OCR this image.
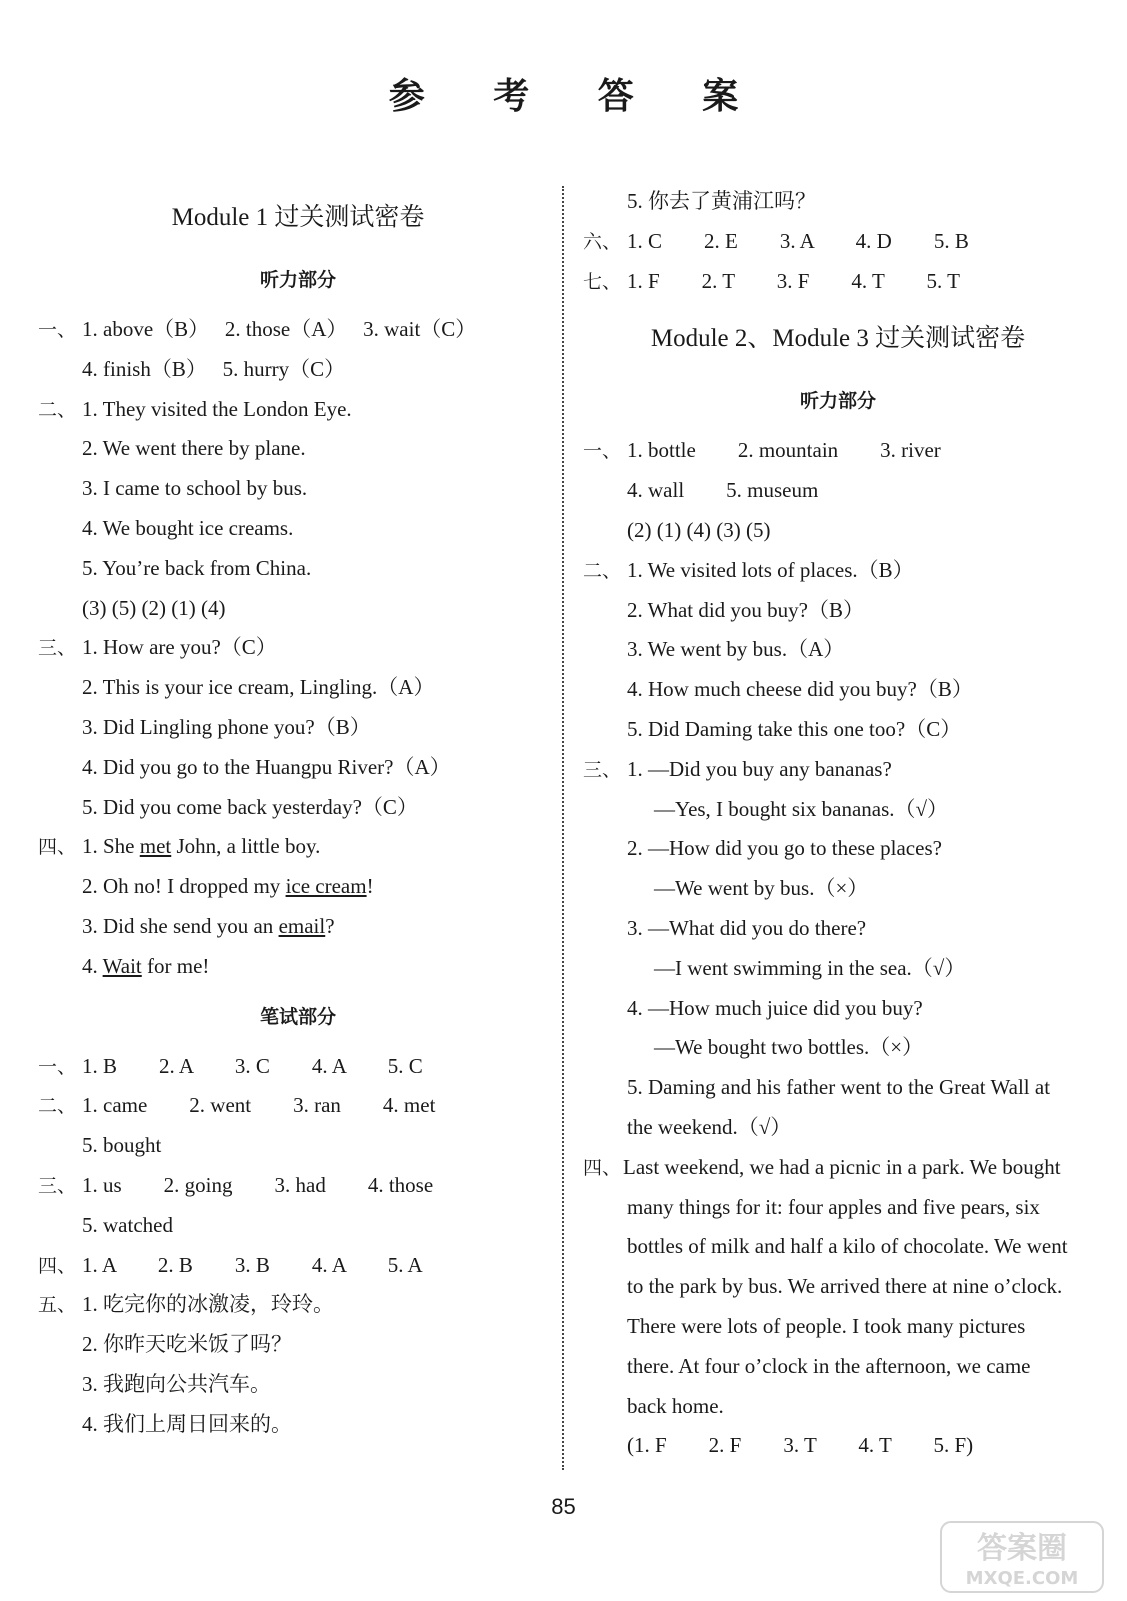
参 考 答 案
Module 1 过关测试密卷
听力部分
一、 1. above（B）　 2. those（A）　 3. wait（C）
4. finish（B）　 5. hurry（C）
二、 1. They visited the London Eye.
2. We went there by plane.
3. I came to school by bus.
4. We bought ice creams.
5. You’re back from China.
(3) (5) (2) (1) (4)
三、 1. How are you?（C）
2. This is your ice cream, Lingling.（A）
3. Did Lingling phone you?（B）
4. Did you go to the Huangpu River?（A）
5. Did you come back yesterday?（C）
四、 1. She met John, a little boy.
2. Oh no! I dropped my ice cream!
3. Did she send you an email?
4. Wait for me!
笔试部分
一、 1. B　　2. A　　3. C　　4. A　　5. C
二、 1. came　　2. went　　3. ran　　4. met
5. bought
三、 1. us　　2. going　　3. had　　4. those
5. watched
四、 1. A　　2. B　　3. B　　4. A　　5. A
五、 1. 吃完你的冰激凌，玲玲。
2. 你昨天吃米饭了吗？
3. 我跑向公共汽车。
4. 我们上周日回来的。
5. 你去了黄浦江吗？
六、 1. C　　2. E　　3. A　　4. D　　5. B
七、 1. F　　2. T　　3. F　　4. T　　5. T
Module 2、Module 3 过关测试密卷
听力部分
一、 1. bottle　　2. mountain　　3. river
4. wall　　5. museum
(2) (1) (4) (3) (5)
二、 1. We visited lots of places.（B）
2. What did you buy?（B）
3. We went by bus.（A）
4. How much cheese did you buy?（B）
5. Did Daming take this one too?（C）
三、 1. —Did you buy any bananas?
—Yes, I bought six bananas.（√）
2. —How did you go to these places?
—We went by bus.（×）
3. —What did you do there?
—I went swimming in the sea.（√）
4. —How much juice did you buy?
—We bought two bottles.（×）
5. Daming and his father went to the Great Wall at
the weekend.（√）
四、Last weekend, we had a picnic in a park. We bought
many things for it: four apples and five pears, six
bottles of milk and half a kilo of chocolate. We went
to the park by bus. We arrived there at nine o’clock.
There were lots of people. I took many pictures
there. At four o’clock in the afternoon, we came
back home.
(1. F　　2. F　　3. T　　4. T　　5. F)
85
答案圈
MXQE.COM
